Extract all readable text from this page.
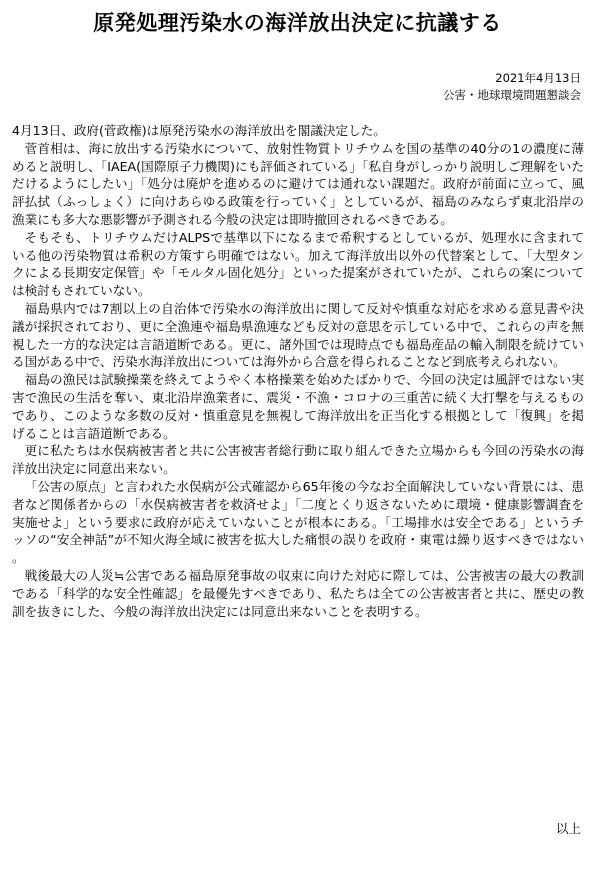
原発処理汚染水の海洋放出決定に抗議する
2021年4月13日
公害・地球環境問題懇談会

4月13日、政府(菅政権)は原発汚染水の海洋放出を閣議決定した。

菅首相は、海に放出する汚染水について、放射性物質トリチウムを国の基準の40分の1の濃度に薄めると説明し、「IAEA(国際原子力機関)にも評価されている」「私自身がしっかり説明しご理解をいただけるようにしたい」「処分は廃炉を進めるのに避けては通れない課題だ。政府が前面に立って、風評払拭（ふっしょく）に向けあらゆる政策を行っていく」としているが、福島のみならず東北沿岸の漁業にも多大な悪影響が予測される今般の決定は即時撤回されるべきである。

そもそも、トリチウムだけALPSで基準以下になるまで希釈するとしているが、処理水に含まれている他の汚染物質は希釈の方策すら明確ではない。加えて海洋放出以外の代替案として、「大型タンクによる長期安定保管」や「モルタル固化処分」といった提案がされていたが、これらの案については検討もされていない。

福島県内では7割以上の自治体で汚染水の海洋放出に関して反対や慎重な対応を求める意見書や決議が採択されており、更に全漁連や福島県漁連なども反対の意思を示している中で、これらの声を無視した一方的な決定は言語道断である。更に、諸外国では現時点でも福島産品の輸入制限を続けている国がある中で、汚染水海洋放出については海外から合意を得られることなど到底考えられない。

福島の漁民は試験操業を終えてようやく本格操業を始めたばかりで、今回の決定は風評ではない実害で漁民の生活を奪い、東北沿岸漁業者に、震災・不漁・コロナの三重苦に続く大打撃を与えるものであり、このような多数の反対・慎重意見を無視して海洋放出を正当化する根拠として「復興」を掲げることは言語道断である。

更に私たちは水俣病被害者と共に公害被害者総行動に取り組んできた立場からも今回の汚染水の海洋放出決定に同意出来ない。

「公害の原点」と言われた水俣病が公式確認から65年後の今なお全面解決していない背景には、患者など関係者からの「水俣病被害者を救済せよ」「二度とくり返さないために環境・健康影響調査を実施せよ」という要求に政府が応えていないことが根本にある。「工場排水は安全である」というチッソの“安全神話”が不知火海全域に被害を拡大した痛恨の誤りを政府・東電は繰り返すべきではない。

戦後最大の人災≒公害である福島原発事故の収束に向けた対応に際しては、公害被害の最大の教訓である「科学的な安全性確認」を最優先すべきであり、私たちは全ての公害被害者と共に、歴史の教訓を抜きにした、今般の海洋放出決定には同意出来ないことを表明する。

以上
